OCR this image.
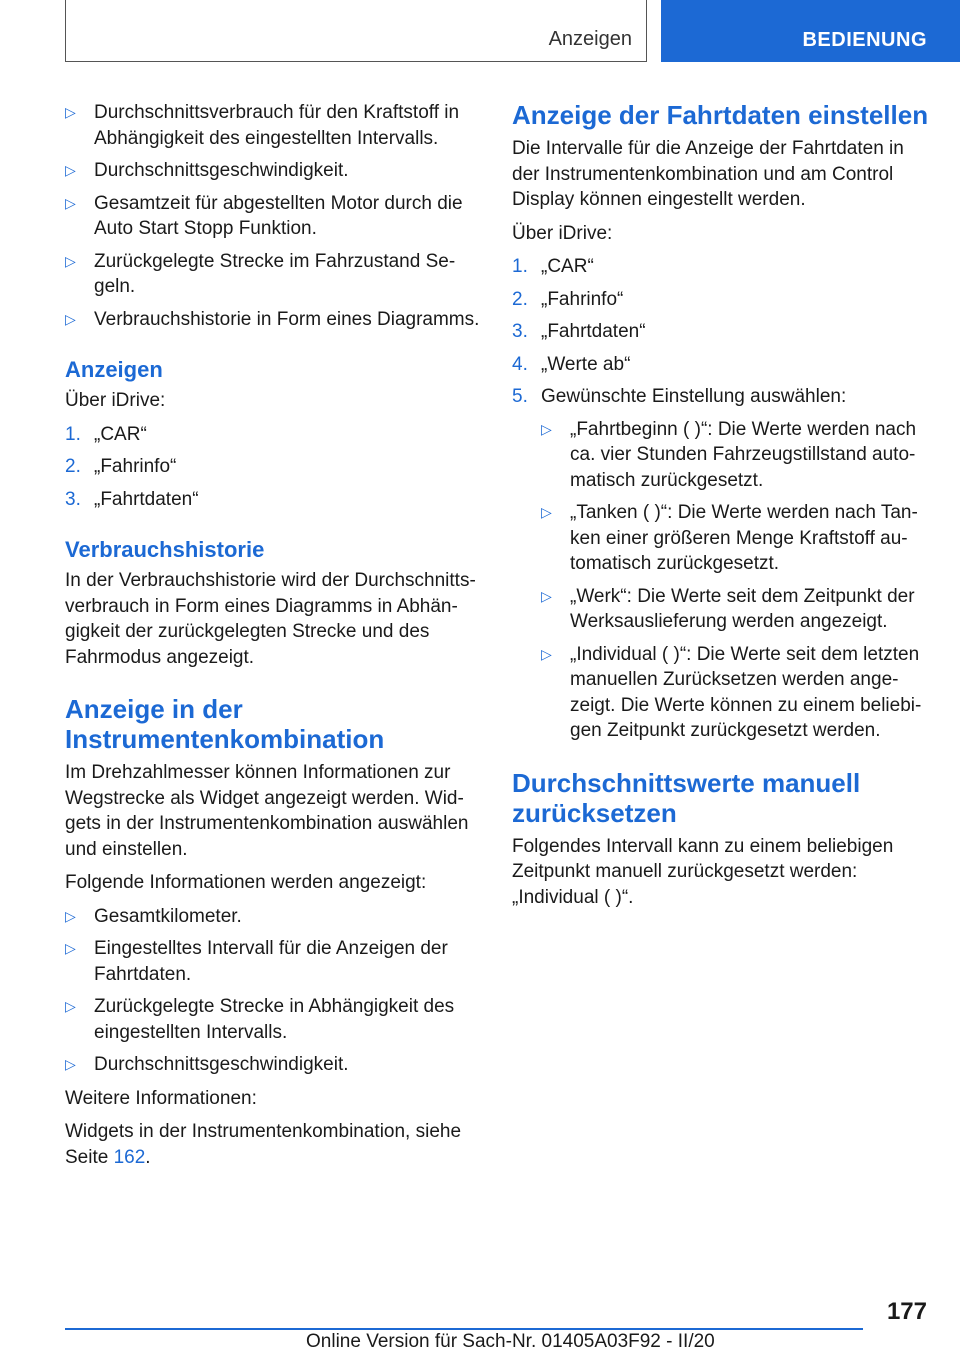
Anzeigen	BEDIENUNG
▷ Durchschnittsverbrauch für den Kraftstoff in Abhängigkeit des eingestellten Intervalls.
▷ Durchschnittsgeschwindigkeit.
▷ Gesamtzeit für abgestellten Motor durch die Auto Start Stopp Funktion.
▷ Zurückgelegte Strecke im Fahrzustand Se-geln.
▷ Verbrauchshistorie in Form eines Diagramms.
Anzeigen

Über iDrive:

1. „CAR“
2. „Fahrinfo“
3. „Fahrtdaten“
Verbrauchshistorie

In der Verbrauchshistorie wird der Durchschnitts-verbrauch in Form eines Diagramms in Abhän-gigkeit der zurückgelegten Strecke und des Fahrmodus angezeigt.

Anzeige in der Instrumentenkombination

Im Drehzahlmesser können Informationen zur Wegstrecke als Widget angezeigt werden. Wid-gets in der Instrumentenkombination auswählen und einstellen.

Folgende Informationen werden angezeigt:

▷ Gesamtkilometer.
▷ Eingestelltes Intervall für die Anzeigen der Fahrtdaten.
▷ Zurückgelegte Strecke in Abhängigkeit des eingestellten Intervalls.
▷ Durchschnittsgeschwindigkeit.

Weitere Informationen:

Widgets in der Instrumentenkombination, siehe Seite 162.

Anzeige der Fahrtdaten einstellen

Die Intervalle für die Anzeige der Fahrtdaten in der Instrumentenkombination und am Control Display können eingestellt werden.

Über iDrive:

1. „CAR“
2. „Fahrinfo“
3. „Fahrtdaten“
4. „Werte ab“
5. Gewünschte Einstellung auswählen:
▷ „Fahrtbeginn ( )“: Die Werte werden nach ca. vier Stunden Fahrzeugstillstand auto-matisch zurückgesetzt.
▷ „Tanken ( )“: Die Werte werden nach Tan-ken einer größeren Menge Kraftstoff au-tomatisch zurückgesetzt.
▷ „Werk“: Die Werte seit dem Zeitpunkt der Werksauslieferung werden angezeigt.
▷ „Individual ( )“: Die Werte seit dem letzten manuellen Zurücksetzen werden ange-zeigt. Die Werte können zu einem beliebi-gen Zeitpunkt zurückgesetzt werden.
Durchschnittswerte manuell zurücksetzen

Folgendes Intervall kann zu einem beliebigen Zeitpunkt manuell zurückgesetzt werden: „Individual ( )“.

177
Online Version für Sach-Nr. 01405A03F92 - II/20
